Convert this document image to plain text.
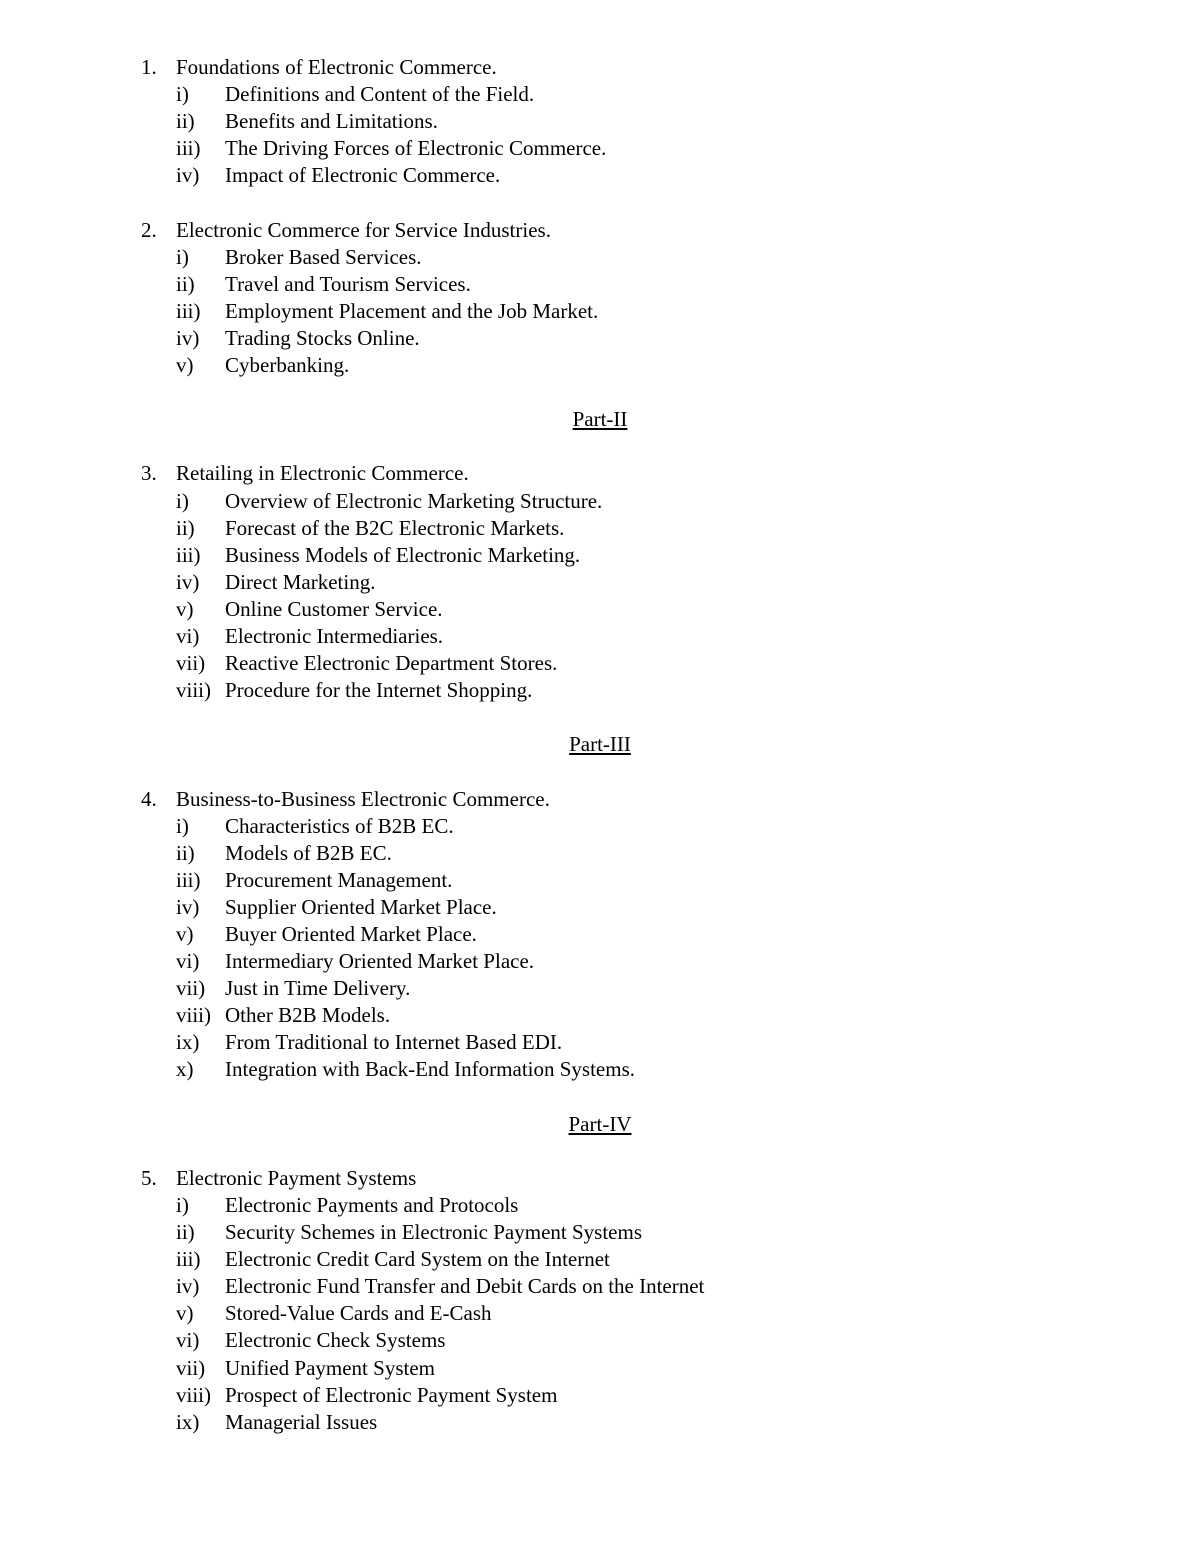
1. Foundations of Electronic Commerce.
i)	Definitions and Content of the Field.
ii)	Benefits and Limitations.
iii)	The Driving Forces of Electronic Commerce.
iv)	Impact of Electronic Commerce.
2. Electronic Commerce for Service Industries.
i)	Broker Based Services.
ii)	Travel and Tourism Services.
iii)	Employment Placement and the Job Market.
iv)	Trading Stocks Online.
v)	Cyberbanking.
Part-II
3. Retailing in Electronic Commerce.
i)	Overview of Electronic Marketing Structure.
ii)	Forecast of the B2C Electronic Markets.
iii)	Business Models of Electronic Marketing.
iv)	Direct Marketing.
v)	Online Customer Service.
vi)	Electronic Intermediaries.
vii) Reactive Electronic Department Stores.
viii) Procedure for the Internet Shopping.
Part-III
4. Business-to-Business Electronic Commerce.
i)	Characteristics of B2B EC.
ii)	Models of B2B EC.
iii)	Procurement Management.
iv)	Supplier Oriented Market Place.
v)	Buyer Oriented Market Place.
vi)	Intermediary Oriented Market Place.
vii) Just in Time Delivery.
viii) Other B2B Models.
ix)	From Traditional to Internet Based EDI.
x)	Integration with Back-End Information Systems.
Part-IV
5. Electronic Payment Systems
i)	Electronic Payments and Protocols
ii)	Security Schemes in Electronic Payment Systems
iii)	Electronic Credit Card System on the Internet
iv)	Electronic Fund Transfer and Debit Cards on the Internet
v)	Stored-Value Cards and E-Cash
vi)	Electronic Check Systems
vii) Unified Payment System
viii) Prospect of Electronic Payment System
ix)	Managerial Issues
